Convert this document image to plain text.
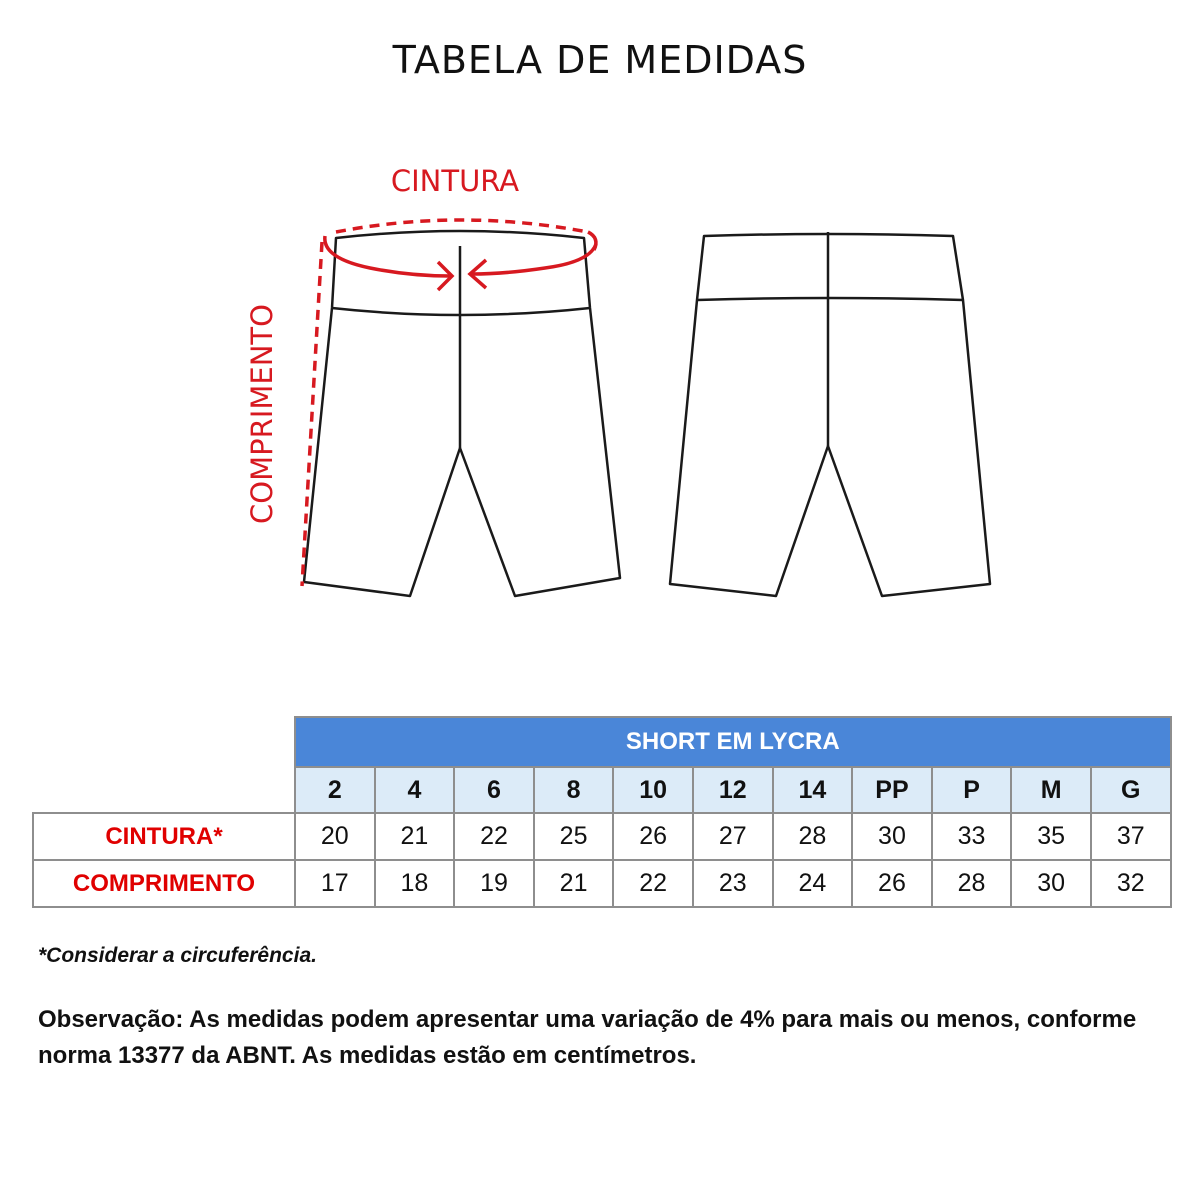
TABELA DE MEDIDAS
CINTURA
COMPRIMENTO
	SHORT EM LYCRA										
	2	4	6	8	10	12	14	PP	P	M	G
CINTURA*	20	21	22	25	26	27	28	30	33	35	37
COMPRIMENTO	17	18	19	21	22	23	24	26	28	30	32
*Considerar a circuferência.
Observação: As medidas podem apresentar uma variação de 4% para mais ou menos, conforme norma 13377 da ABNT. As medidas estão em centímetros.
